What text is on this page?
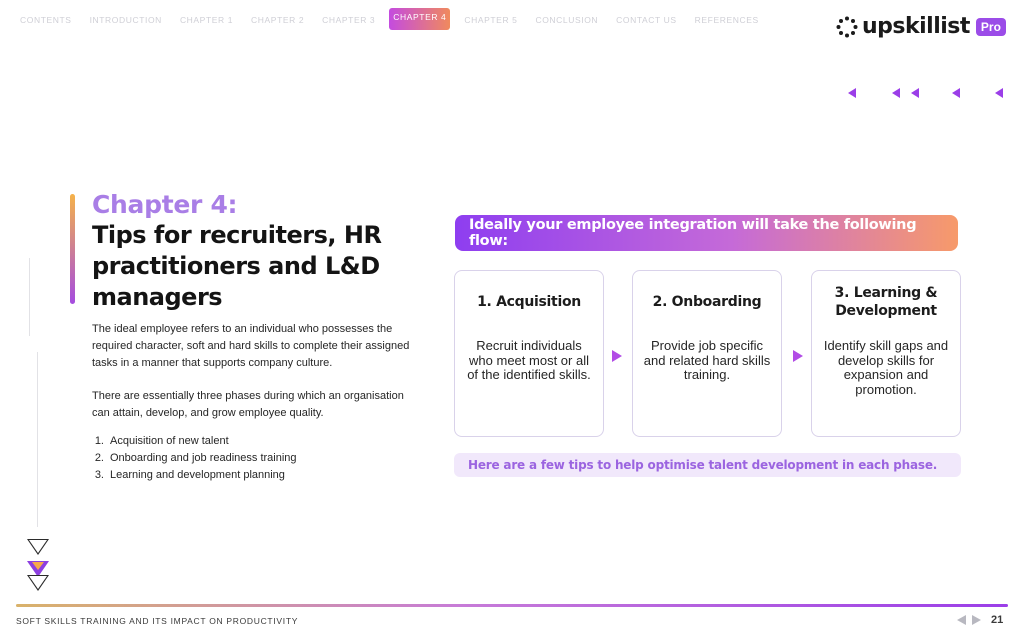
CONTENTS	INTRODUCTION	CHAPTER 1	CHAPTER 2	CHAPTER 3	CHAPTER 4	CHAPTER 5	CONCLUSION	CONTACT US	REFERENCES	upskillist Pro
Chapter 4:
Tips for recruiters, HR practitioners and L&D managers

The ideal employee refers to an individual who possesses the required character, soft and hard skills to complete their assigned tasks in a manner that supports company culture.

There are essentially three phases during which an organisation can attain, develop, and grow employee quality.

1. Acquisition of new talent
2. Onboarding and job readiness training
3. Learning and development planning
Ideally your employee integration will take the following flow:
1. Acquisition
Recruit individuals who meet most or all of the identified skills.
2. Onboarding
Provide job specific and related hard skills training.
3. Learning & Development
Identify skill gaps and develop skills for expansion and promotion.
Here are a few tips to help optimise talent development in each phase.
SOFT SKILLS TRAINING AND ITS IMPACT ON PRODUCTIVITY	21
